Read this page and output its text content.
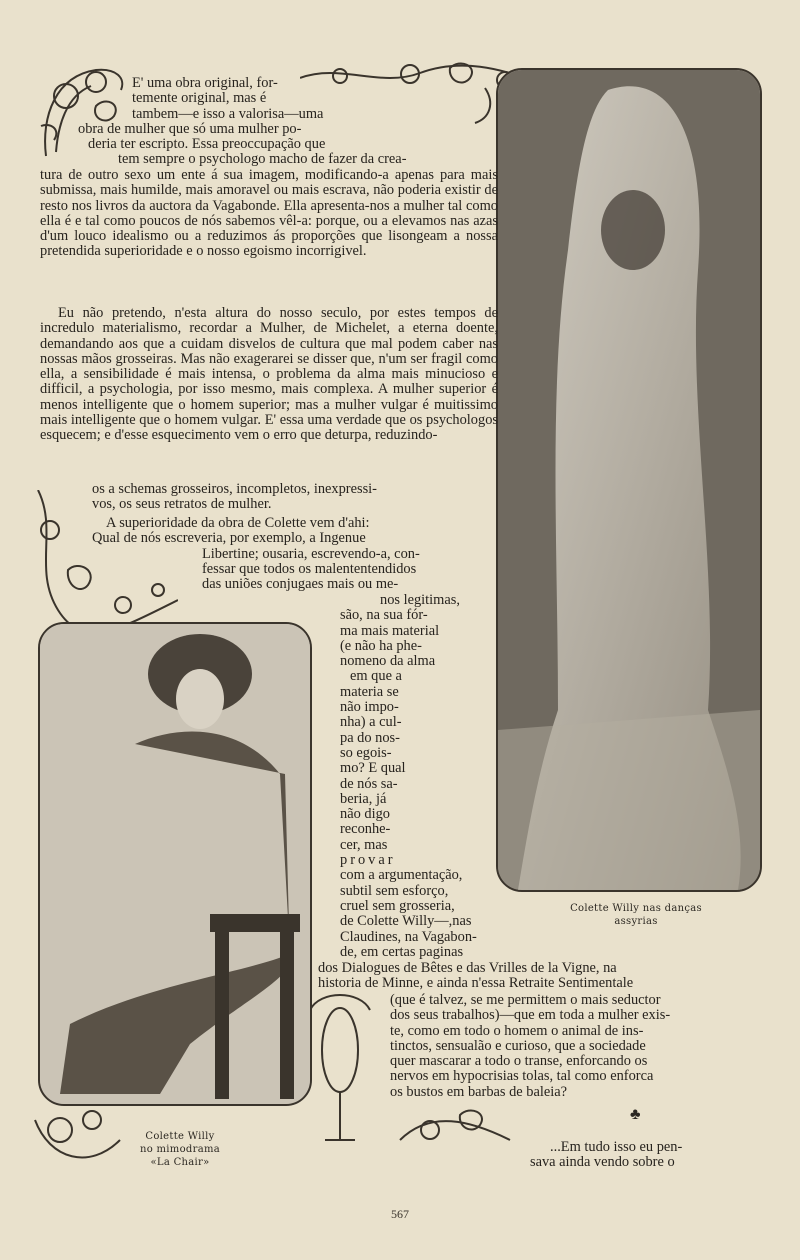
Colette Willy nas danças
assyrias
Colette Willy
no mimodrama
«La Chair»
E' uma obra original, for-
temente original, mas é
tambem—e isso a valorisa—uma
obra de mulher que só uma mulher po-
deria ter escripto. Essa preoccupação que
tem sempre o psychologo macho de fazer da crea-

tura de outro sexo um ente á sua imagem, modificando-a apenas para mais submissa, mais humilde, mais amoravel ou mais escrava, não poderia existir de resto nos livros da auctora da Vagabonde. Ella apresenta-nos a mulher tal como ella é e tal como poucos de nós sabemos vêl-a: porque, ou a elevamos nas azas d'um louco idealismo ou a reduzimos ás proporções que lisongeam a nossa pretendida superioridade e o nosso egoismo incorrigivel.

Eu não pretendo, n'esta altura do nosso seculo, por estes tempos de incredulo materialismo, recordar a Mulher, de Michelet, a eterna doente, demandando aos que a cuidam disvelos de cultura que mal podem caber nas nossas mãos grosseiras. Mas não exagerarei se disser que, n'um ser fragil como ella, a sensibilidade é mais intensa, o problema da alma mais minucioso e difficil, a psychologia, por isso mesmo, mais complexa. A mulher superior é menos intelligente que o homem superior; mas a mulher vulgar é muitissimo mais intelligente que o homem vulgar. E' essa uma verdade que os psychologos esquecem; e d'esse esquecimento vem o erro que deturpa, reduzindo-

os a schemas grosseiros, incompletos, inexpressi-
vos, os seus retratos de mulher.
A superioridade da obra de Colette vem d'ahi:
Qual de nós escreveria, por exemplo, a Ingenue
Libertine; ousaria, escrevendo-a, con-
fessar que todos os malententendidos
das uniões conjugaes mais ou me-
nos legitimas,
são, na sua fór-
ma mais material
(e não ha phe-
nomeno da alma
em que a
materia se
não impo-
nha) a cul-
pa do nos-
so egois-
mo? E qual
de nós sa-
beria, já
não digo
reconhe-
cer, mas
provar
com a argumentação,
subtil sem esforço,
cruel sem grosseria,
de Colette Willy—,nas
Claudines, na Vagabon-
de, em certas paginas
dos Dialogues de Bêtes e das Vrilles de la Vigne, na
historia de Minne, e ainda n'essa Retraite Sentimentale
(que é talvez, se me permittem o mais seductor
dos seus trabalhos)—que em toda a mulher exis-
te, como em todo o homem o animal de ins-
tinctos, sensualão e curioso, que a sociedade
quer mascarar a todo o transe, enforcando os
nervos em hypocrisias tolas, tal como enforca
os bustos em barbas de baleia?
♣
...Em tudo isso eu pen-
sava ainda vendo sobre o
567
